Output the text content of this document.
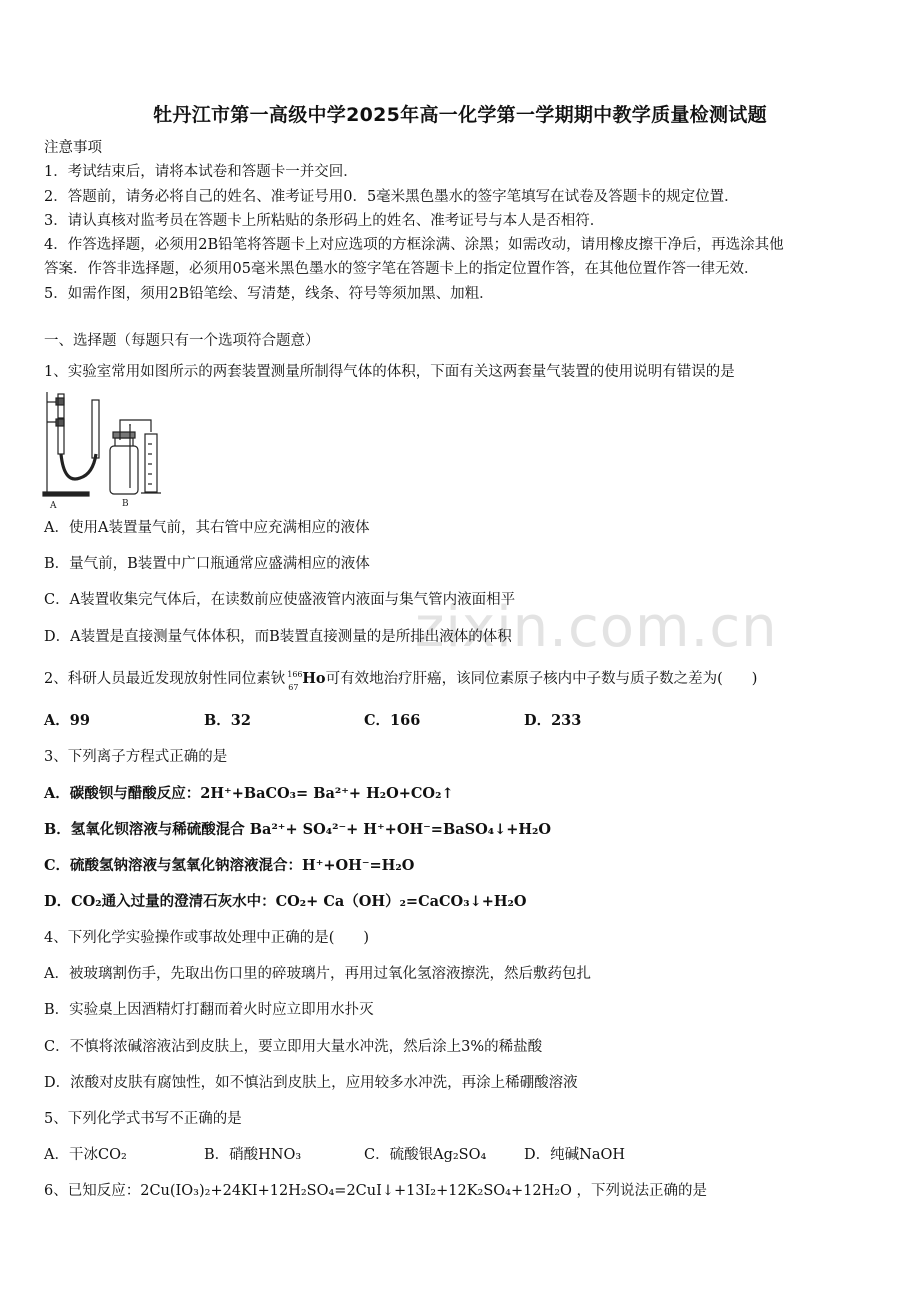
zixin.com.cn
牡丹江市第一高级中学2025年高一化学第一学期期中教学质量检测试题
注意事项
1．考试结束后，请将本试卷和答题卡一并交回．
2．答题前，请务必将自己的姓名、准考证号用0．5毫米黑色墨水的签字笔填写在试卷及答题卡的规定位置．
3．请认真核对监考员在答题卡上所粘贴的条形码上的姓名、准考证号与本人是否相符．
4．作答选择题，必须用2B铅笔将答题卡上对应选项的方框涂满、涂黑；如需改动，请用橡皮擦干净后，再选涂其他
答案．作答非选择题，必须用05毫米黑色墨水的签字笔在答题卡上的指定位置作答，在其他位置作答一律无效．
5．如需作图，须用2B铅笔绘、写清楚，线条、符号等须加黑、加粗．
一、选择题（每题只有一个选项符合题意）
1、实验室常用如图所示的两套装置测量所制得气体的体积，下面有关这两套量气装置的使用说明有错误的是
A	B
A．使用A装置量气前，其右管中应充满相应的液体
B．量气前，B装置中广口瓶通常应盛满相应的液体
C．A装置收集完气体后，在读数前应使盛液管内液面与集气管内液面相平
D．A装置是直接测量气体体积，而B装置直接测量的是所排出液体的体积
2、科研人员最近发现放射性同位素钬 166
67
Ho可有效地治疗肝癌，该同位素原子核内中子数与质子数之差为(　　)
A．99	B．32	C．166	D．233
3、下列离子方程式正确的是
A．碳酸钡与醋酸反应：2H⁺+BaCO₃= Ba²⁺+ H₂O+CO₂↑
B．氢氧化钡溶液与稀硫酸混合 Ba²⁺+ SO₄²⁻+ H⁺+OH⁻=BaSO₄↓+H₂O
C．硫酸氢钠溶液与氢氧化钠溶液混合：H⁺+OH⁻=H₂O
D．CO₂通入过量的澄清石灰水中：CO₂+ Ca（OH）₂=CaCO₃↓+H₂O
4、下列化学实验操作或事故处理中正确的是(　　)
A．被玻璃割伤手，先取出伤口里的碎玻璃片，再用过氧化氢溶液擦洗，然后敷药包扎
B．实验桌上因酒精灯打翻而着火时应立即用水扑灭
C．不慎将浓碱溶液沾到皮肤上，要立即用大量水冲洗，然后涂上3%的稀盐酸
D．浓酸对皮肤有腐蚀性，如不慎沾到皮肤上，应用较多水冲洗，再涂上稀硼酸溶液
5、下列化学式书写不正确的是
A．干冰CO₂	B．硝酸HNO₃	C．硫酸银Ag₂SO₄	D．纯碱NaOH
6、已知反应：2Cu(IO₃)₂+24KI+12H₂SO₄=2CuI↓+13I₂+12K₂SO₄+12H₂O ，下列说法正确的是
